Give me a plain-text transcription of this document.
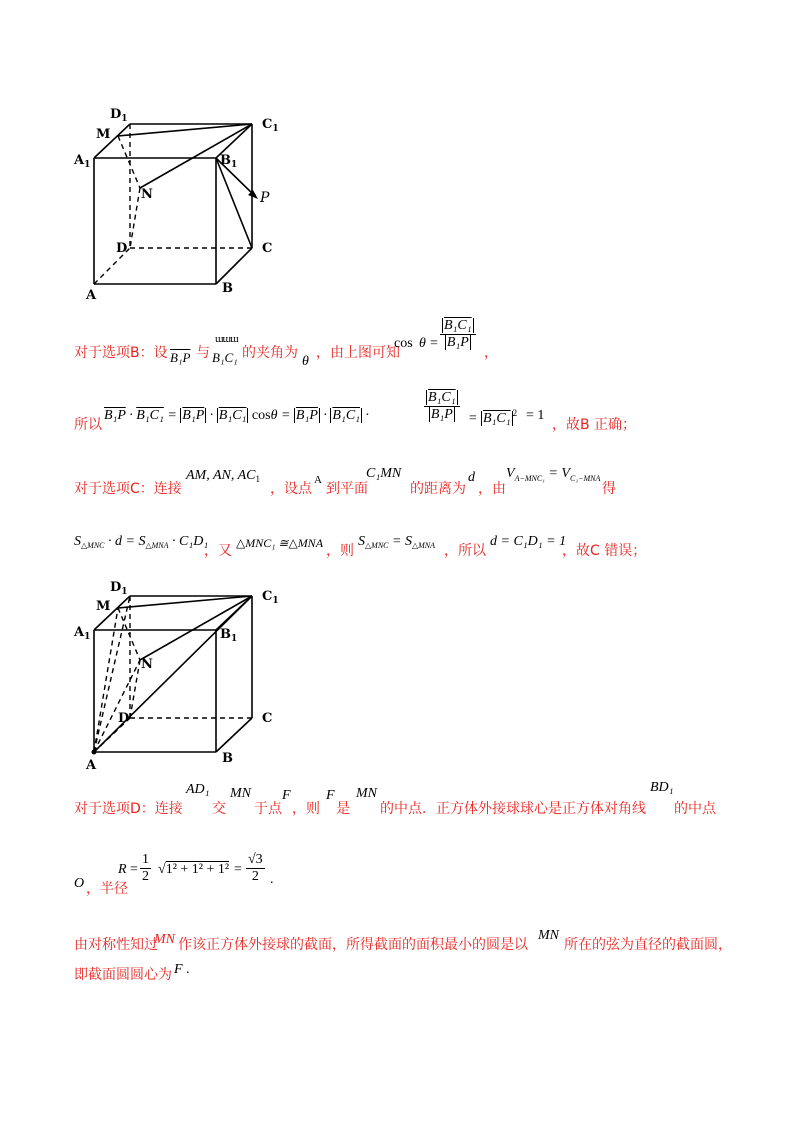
$D_1$	$C_1$
M
$A_1$	$B_1$
N	P
D	C
A	B
对于选项B：设 B₁P 与
ɯɯɯ
B₁C₁ 的夹角为
θ
，由上图可知
$\cos \theta = \frac{\text{B₁C₁}}{\text{B₁P}}$
，
所以
B₁P · B₁C₁ = B₁P · B₁C₁ cosθ = B₁P · B₁C₁ ·	$\frac{\text{B₁C₁}}{\text{B₁P}} = B_1C_1$ $^2$ = 1
，故B 正确；
对于选项C：连接
AM, AN, $AC_1$
，设点
A
到平面
C₁MN
的距离为
d
，由
$V_{A-MNC_1} = V_{C_1-MNA}$
得
$S_{\triangle MNC} \cdot d = S_{\triangle MNA} \cdot C_1D_1$
，又 △MNC₁ ≅△MNA ，则
$S_{\triangle MNC} = S_{\triangle MNA}$ ，所以
d = C₁D₁ = 1
，故C 错误；
$D_1$	$C_1$
M
$A_1$	$B_1$
N
D	C
A	B
对于选项D：连接
AD₁
交
MN
于点
F
，则
F
是
MN
的中点．正方体外接球球心是正方体对角线
BD₁
的中点
O ，半径
$R = \frac{1}{2} √1^2 + 1^2 + 1^2 = \frac{√3}{2}$ .
由对称性知过
MN 作该正方体外接球的截面，所得截面的面积最小的圆是以
MN
所在的弦为直径的截面圆，
即截面圆圆心为 F .
